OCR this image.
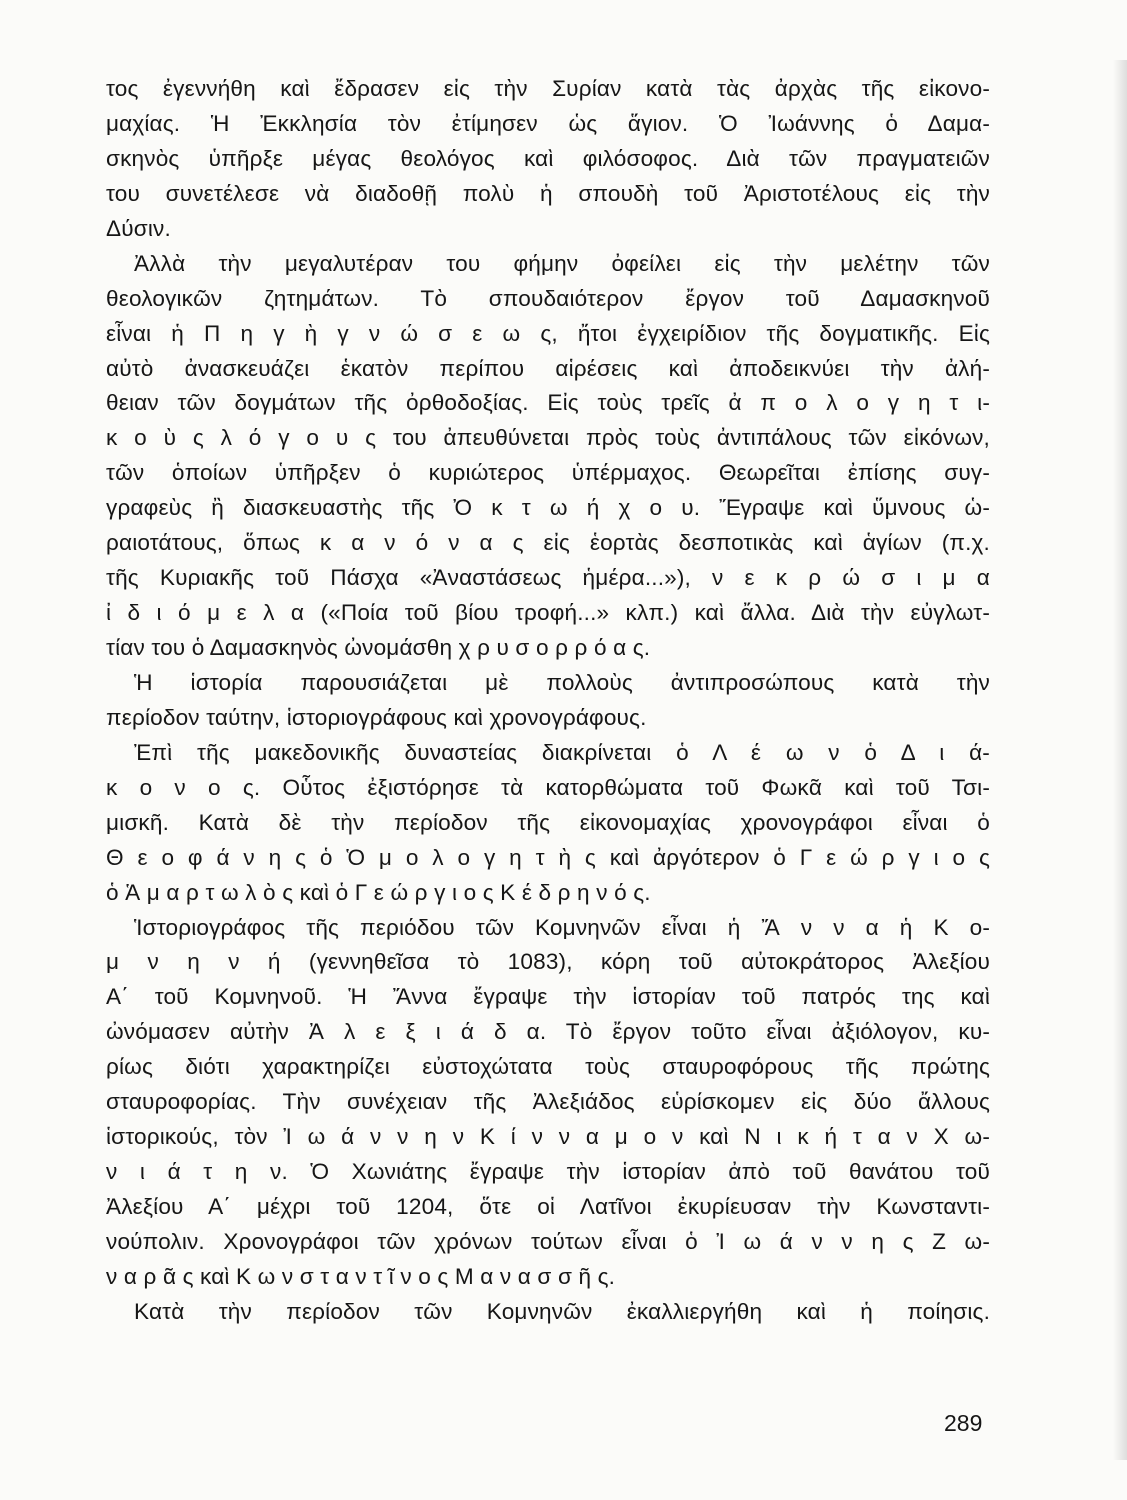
τος ἐγεννήθη καὶ ἔδρασεν εἰς τὴν Συρίαν κατὰ τὰς ἀρχὰς τῆς εἰκονο-
μαχίας. Ἡ Ἐκκλησία τὸν ἐτίμησεν ὡς ἅγιον. Ὁ Ἰωάννης ὁ Δαμα-
σκηνὸς ὑπῆρξε μέγας θεολόγος καὶ φιλόσοφος. Διὰ τῶν πραγματειῶν
του συνετέλεσε νὰ διαδοθῇ πολὺ ἡ σπουδὴ τοῦ Ἀριστοτέλους εἰς τὴν
Δύσιν.
Ἀλλὰ τὴν μεγαλυτέραν του φήμην ὀφείλει εἰς τὴν μελέτην τῶν
θεολογικῶν ζητημάτων. Τὸ σπουδαιότερον ἔργον τοῦ Δαμασκηνοῦ
εἶναι ἡ Π η γ ὴ γ ν ώ σ ε ω ς, ἤτοι ἐγχειρίδιον τῆς δογματικῆς. Εἰς
αὐτὸ ἀνασκευάζει ἑκατὸν περίπου αἱρέσεις καὶ ἀποδεικνύει τὴν ἀλή-
θειαν τῶν δογμάτων τῆς ὀρθοδοξίας. Εἰς τοὺς τρεῖς ἀ π ο λ ο γ η τ ι-
κ ο ὺ ς λ ό γ ο υ ς του ἀπευθύνεται πρὸς τοὺς ἀντιπάλους τῶν εἰκόνων,
τῶν ὁποίων ὑπῆρξεν ὁ κυριώτερος ὑπέρμαχος. Θεωρεῖται ἐπίσης συγ-
γραφεὺς ἢ διασκευαστὴς τῆς Ὀ κ τ ω ή χ ο υ. Ἔγραψε καὶ ὕμνους ὡ-
ραιοτάτους, ὅπως κ α ν ό ν α ς εἰς ἑορτὰς δεσποτικὰς καὶ ἁγίων (π.χ.
τῆς Κυριακῆς τοῦ Πάσχα «Ἀναστάσεως ἡμέρα...»), ν ε κ ρ ώ σ ι μ α
ἰ δ ι ό μ ε λ α («Ποία τοῦ βίου τροφή...» κλπ.) καὶ ἄλλα. Διὰ τὴν εὐγλωτ-
τίαν του ὁ Δαμασκηνὸς ὠνομάσθη χ ρ υ σ ο ρ ρ ό α ς.
Ἡ ἱστορία παρουσιάζεται μὲ πολλοὺς ἀντιπροσώπους κατὰ τὴν
περίοδον ταύτην, ἱστοριογράφους καὶ χρονογράφους.
Ἐπὶ τῆς μακεδονικῆς δυναστείας διακρίνεται ὁ Λ έ ω ν ὁ Δ ι ά-
κ ο ν ο ς. Οὗτος ἐξιστόρησε τὰ κατορθώματα τοῦ Φωκᾶ καὶ τοῦ Τσι-
μισκῆ. Κατὰ δὲ τὴν περίοδον τῆς εἰκονομαχίας χρονογράφοι εἶναι ὁ
Θ ε ο φ ά ν η ς ὁ Ὁ μ ο λ ο γ η τ ὴ ς καὶ ἀργότερον ὁ Γ ε ώ ρ γ ι ο ς
ὁ Ἁ μ α ρ τ ω λ ὸ ς καὶ ὁ Γ ε ώ ρ γ ι ο ς Κ έ δ ρ η ν ό ς.
Ἱστοριογράφος τῆς περιόδου τῶν Κομνηνῶν εἶναι ἡ Ἄ ν ν α ἡ Κ ο-
μ ν η ν ή (γεννηθεῖσα τὸ 1083), κόρη τοῦ αὐτοκράτορος Ἀλεξίου
Α΄ τοῦ Κομνηνοῦ. Ἡ Ἄννα ἔγραψε τὴν ἱστορίαν τοῦ πατρός της καὶ
ὠνόμασεν αὐτὴν Ἀ λ ε ξ ι ά δ α. Τὸ ἔργον τοῦτο εἶναι ἀξιόλογον, κυ-
ρίως διότι χαρακτηρίζει εὐστοχώτατα τοὺς σταυροφόρους τῆς πρώτης
σταυροφορίας. Τὴν συνέχειαν τῆς Ἀλεξιάδος εὑρίσκομεν εἰς δύο ἄλλους
ἱστορικούς, τὸν Ἰ ω ά ν ν η ν Κ ί ν ν α μ ο ν καὶ Ν ι κ ή τ α ν Χ ω-
ν ι ά τ η ν. Ὁ Χωνιάτης ἔγραψε τὴν ἱστορίαν ἀπὸ τοῦ θανάτου τοῦ
Ἀλεξίου Α΄ μέχρι τοῦ 1204, ὅτε οἱ Λατῖνοι ἐκυρίευσαν τὴν Κωνσταντι-
νούπολιν. Χρονογράφοι τῶν χρόνων τούτων εἶναι ὁ Ἰ ω ά ν ν η ς Ζ ω-
ν α ρ ᾶ ς καὶ Κ ω ν σ τ α ν τ ῖ ν ο ς Μ α ν α σ σ ῆ ς.
Κατὰ τὴν περίοδον τῶν Κομνηνῶν ἐκαλλιεργήθη καὶ ἡ ποίησις.
289
